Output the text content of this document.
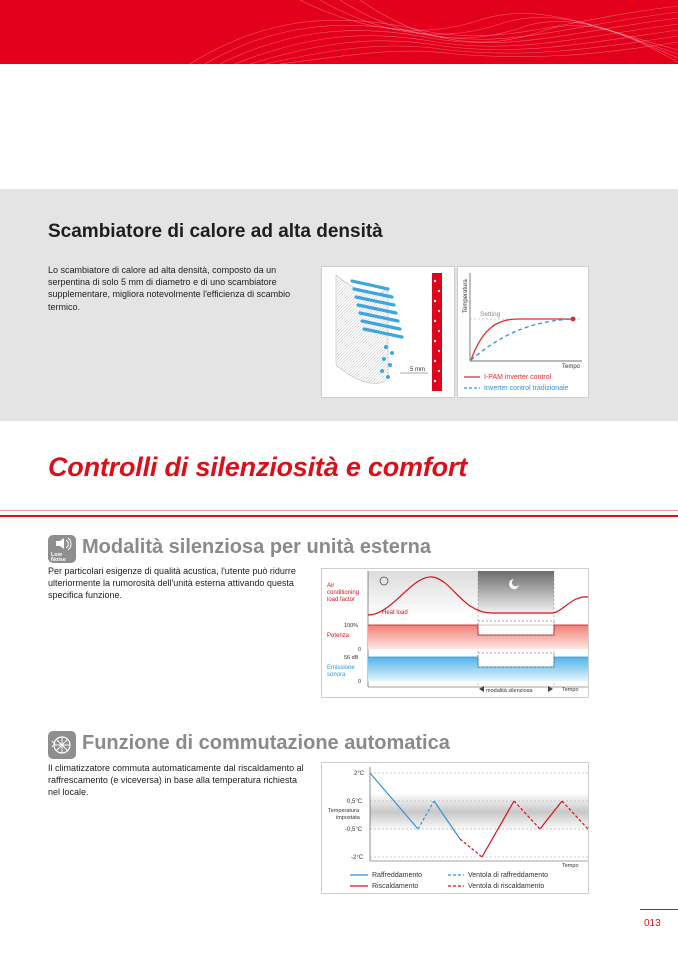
Scambiatore di calore ad alta densità

Lo scambiatore di calore ad alta densità, composto da un serpentina di solo 5 mm di diametro e di uno scambiatore supplementare, migliora notevolmente l'efficienza di scambio termico.

5 mm
Temperatura
Tempo
Setting
I-PAM inverter control
Inverter control tradizionale
Controlli di silenziosità e comfort
Low
Noise
Modalità silenziosa per unità esterna

Per particolari esigenze di qualità acustica, l'utente può ridurre ulteriormente la rumorosità dell'unità esterna attivando questa specifica funzione.

Air
conditioning
load factor
Heat load
100%
Potenza
0
56 dB
Emissione
sonora
0
modalità silenziosa	Tempo
Funzione di commutazione automatica

Il climatizzatore commuta automaticamente dal riscaldamento al raffrescamento (e viceversa) in base alla temperatura richiesta nel locale.

2°C
0,5°C
Temperatura
impostata
-0,5°C
-2°C
Tempo
Raffreddamento	Ventola di raffreddamento
Riscaldamento	Ventola di riscaldamento

013
